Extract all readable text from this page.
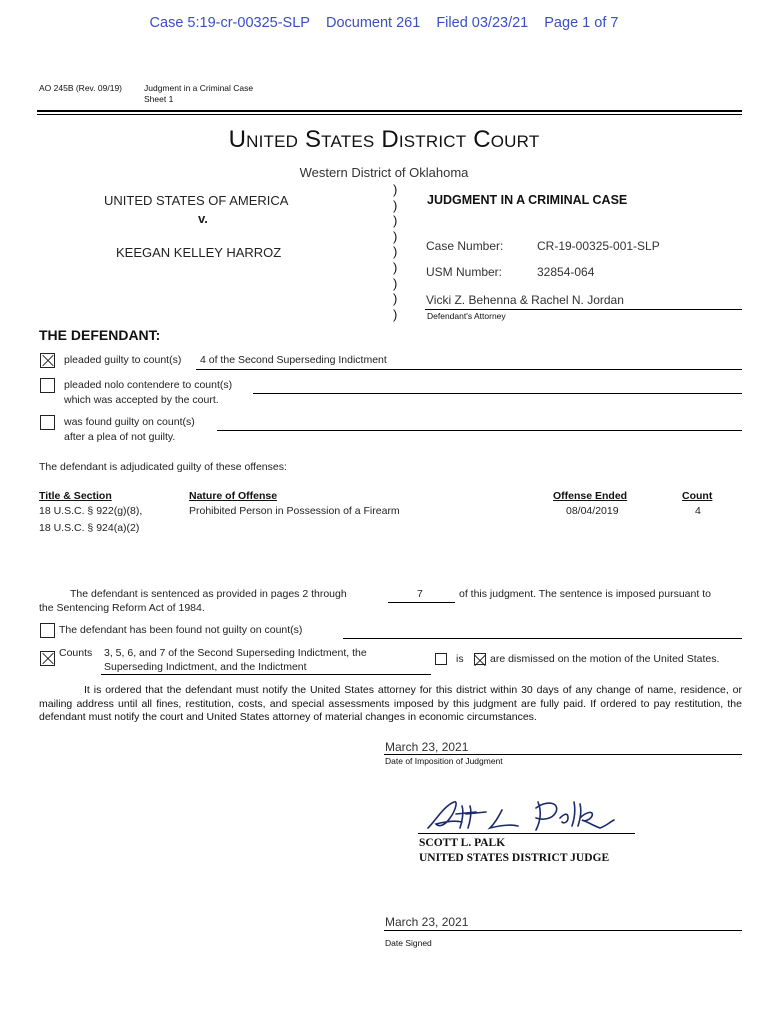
Case 5:19-cr-00325-SLP Document 261 Filed 03/23/21 Page 1 of 7
AO 245B (Rev. 09/19)	Judgment in a Criminal Case
Sheet 1
United States District Court
Western District of Oklahoma
UNITED STATES OF AMERICA
v.
KEEGAN KELLEY HARROZ
)
)
)
)
)
)
)
)
)
JUDGMENT IN A CRIMINAL CASE
Case Number:	CR-19-00325-001-SLP
USM Number:	32854-064
Vicki Z. Behenna & Rachel N. Jordan
Defendant's Attorney
THE DEFENDANT:
pleaded guilty to count(s) 4 of the Second Superseding Indictment
pleaded nolo contendere to count(s)
which was accepted by the court.
was found guilty on count(s)
after a plea of not guilty.
The defendant is adjudicated guilty of these offenses:
Title & Section	Nature of Offense	Offense Ended	Count
18 U.S.C. § 922(g)(8),
18 U.S.C. § 924(a)(2)
Prohibited Person in Possession of a Firearm	08/04/2019	4
The defendant is sentenced as provided in pages 2 through	7	of this judgment. The sentence is imposed pursuant to
the Sentencing Reform Act of 1984.
The defendant has been found not guilty on count(s)
Counts 3, 5, 6, and 7 of the Second Superseding Indictment, the
Superseding Indictment, and the Indictment
is	are dismissed on the motion of the United States.
It is ordered that the defendant must notify the United States attorney for this district within 30 days of any change of name, residence, or mailing address until all fines, restitution, costs, and special assessments imposed by this judgment are fully paid. If ordered to pay restitution, the defendant must notify the court and United States attorney of material changes in economic circumstances.
March 23, 2021
Date of Imposition of Judgment
SCOTT L. PALK
UNITED STATES DISTRICT JUDGE
March 23, 2021
Date Signed
